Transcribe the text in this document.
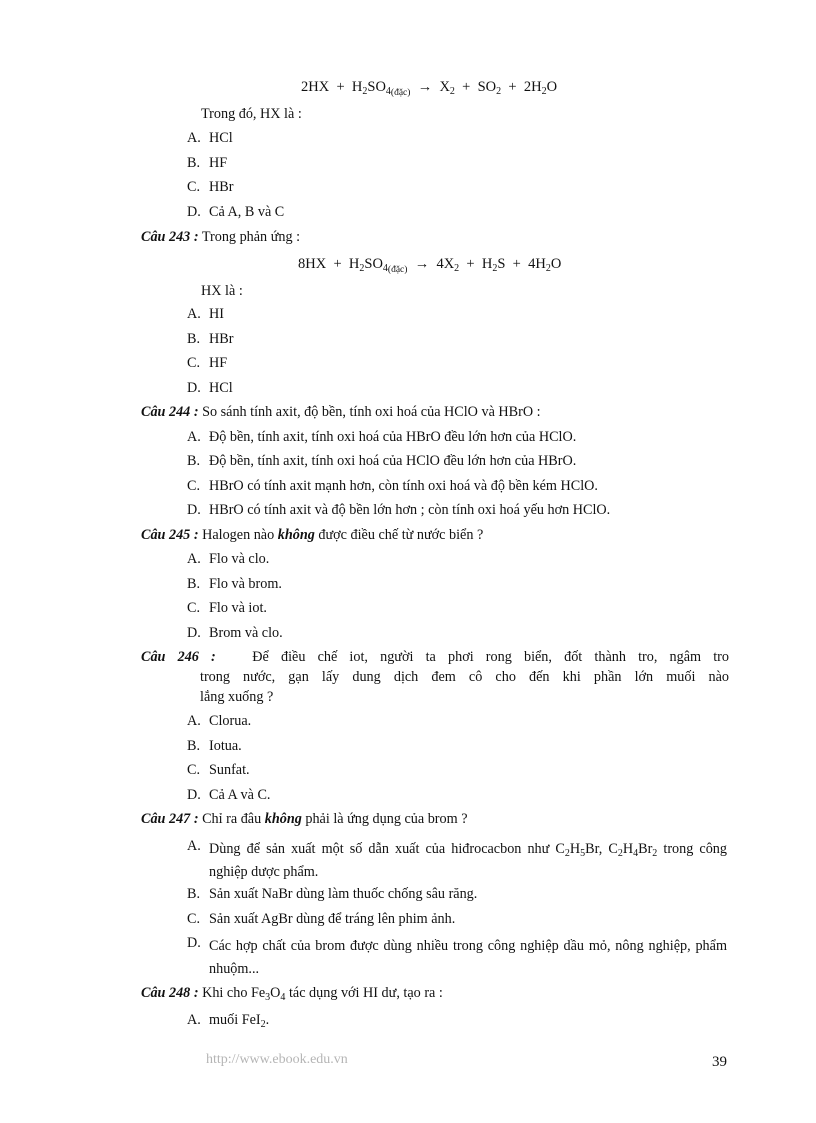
$2HX + H_2SO_{4(đặc)} \to X_2 + SO_2 + 2H_2O$
Trong đó, HX là :
A. HCl
B. HF
C. HBr
D. Cả A, B và C
Câu 243 : Trong phản ứng :
$8HX + H_2SO_{4(đặc)} \to 4X_2 + H_2S + 4H_2O$
HX là :
A. HI
B. HBr
C. HF
D. HCl
Câu 244 : So sánh tính axit, độ bền, tính oxi hoá của HClO và HBrO :
A. Độ bền, tính axit, tính oxi hoá của HBrO đều lớn hơn của HClO.
B. Độ bền, tính axit, tính oxi hoá của HClO đều lớn hơn của HBrO.
C. HBrO có tính axit mạnh hơn, còn tính oxi hoá và độ bền kém HClO.
D. HBrO có tính axit và độ bền lớn hơn ; còn tính oxi hoá yếu hơn HClO.
Câu 245 : Halogen nào không được điều chế từ nước biển ?
A. Flo và clo.
B. Flo và brom.
C. Flo và iot.
D. Brom và clo.
Câu 246 :	Để điều chế iot, người ta phơi rong biển, đốt thành tro, ngâm tro
trong nước, gạn lấy dung dịch đem cô cho đến khi phần lớn muối nào
lắng xuống ?
A. Clorua.
B. Iotua.
C. Sunfat.
D. Cả A và C.
Câu 247 : Chỉ ra đâu không phải là ứng dụng của brom ?
A. Dùng để sản xuất một số dẫn xuất của hiđrocacbon như $C_2H_5Br$, $C_2H_4Br_2$ trong công nghiệp dược phẩm.
B. Sản xuất NaBr dùng làm thuốc chống sâu răng.
C. Sản xuất AgBr dùng để tráng lên phim ảnh.
D. Các hợp chất của brom được dùng nhiều trong công nghiệp dầu mỏ, nông nghiệp, phẩm nhuộm...
Câu 248 : Khi cho $Fe_3O_4$ tác dụng với HI dư, tạo ra :
A. muối FeI$_2$.
http://www.ebook.edu.vn	39
